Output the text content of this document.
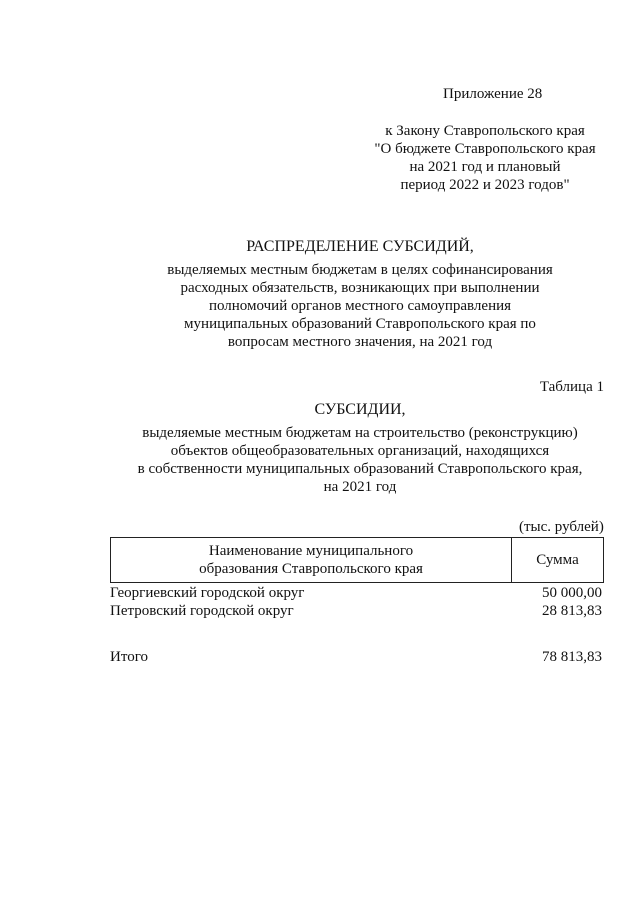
Приложение 28
к Закону Ставропольского края
"О бюджете Ставропольского края
на 2021 год и плановый
период 2022 и 2023 годов"
РАСПРЕДЕЛЕНИЕ СУБСИДИЙ,
выделяемых местным бюджетам в целях софинансирования
расходных обязательств, возникающих при выполнении
полномочий органов местного самоуправления
муниципальных образований Ставропольского края по
вопросам местного значения, на 2021 год
Таблица 1
СУБСИДИИ,
выделяемые местным бюджетам на строительство (реконструкцию)
объектов общеобразовательных организаций, находящихся
в собственности муниципальных образований Ставропольского края,
на 2021 год
(тыс. рублей)
Наименование муниципального
образования Ставропольского края
	Сумма
Георгиевский городской округ	50 000,00
Петровский городской округ	28 813,83
Итого	78 813,83
